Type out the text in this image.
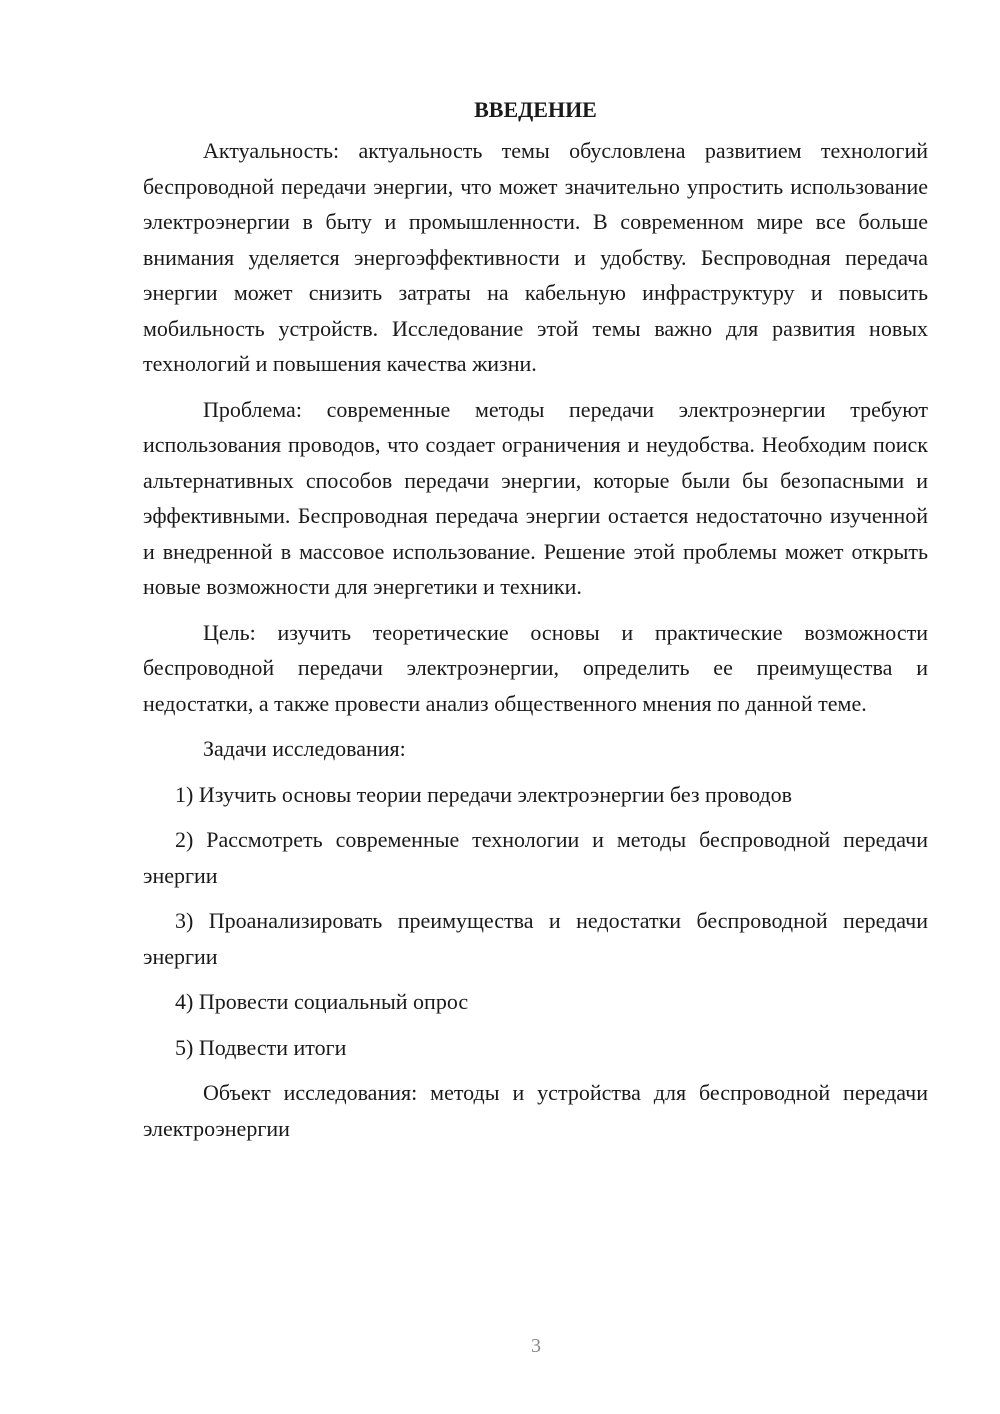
ВВЕДЕНИЕ

Актуальность: актуальность темы обусловлена развитием технологий беспроводной передачи энергии, что может значительно упростить использование электроэнергии в быту и промышленности. В современном мире все больше внимания уделяется энергоэффективности и удобству. Беспроводная передача энергии может снизить затраты на кабельную инфраструктуру и повысить мобильность устройств. Исследование этой темы важно для развития новых технологий и повышения качества жизни.

Проблема: современные методы передачи электроэнергии требуют использования проводов, что создает ограничения и неудобства. Необходим поиск альтернативных способов передачи энергии, которые были бы безопасными и эффективными. Беспроводная передача энергии остается недостаточно изученной и внедренной в массовое использование. Решение этой проблемы может открыть новые возможности для энергетики и техники.

Цель: изучить теоретические основы и практические возможности беспроводной передачи электроэнергии, определить ее преимущества и недостатки, а также провести анализ общественного мнения по данной теме.

Задачи исследования:

1) Изучить основы теории передачи электроэнергии без проводов

2) Рассмотреть современные технологии и методы беспроводной передачи энергии

3) Проанализировать преимущества и недостатки беспроводной передачи энергии

4) Провести социальный опрос

5) Подвести итоги

Объект исследования: методы и устройства для беспроводной передачи электроэнергии

3
